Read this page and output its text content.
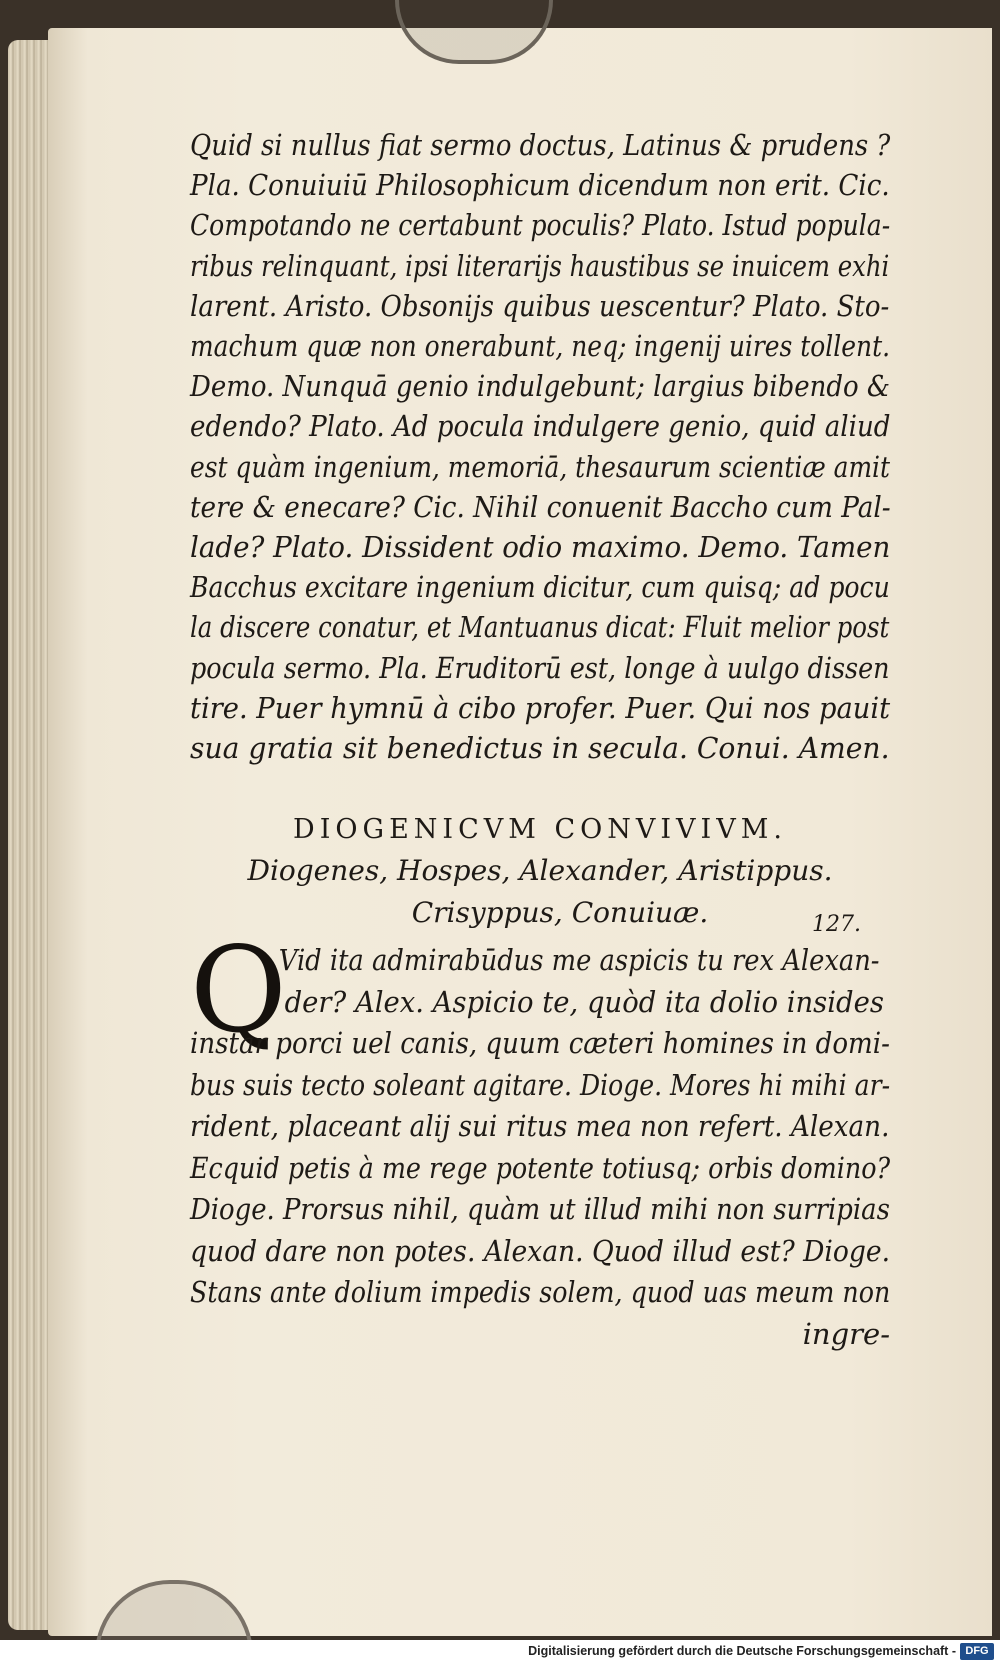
Quid si nullus fiat sermo doctus, Latinus & prudens ?
Pla. Conuiuiū Philosophicum dicendum non erit. Cic.
Compotando ne certabunt poculis? Plato. Istud popula-
ribus relinquant, ipsi literarijs haustibus se inuicem exhi
larent. Aristo. Obsonijs quibus uescentur? Plato. Sto-
machum quæ non onerabunt, neq; ingenij uires tollent.
Demo. Nunquā genio indulgebunt; largius bibendo &
edendo? Plato. Ad pocula indulgere genio, quid aliud
est quàm ingenium, memoriā, thesaurum scientiæ amit
tere & enecare? Cic. Nihil conuenit Baccho cum Pal-
lade? Plato. Dissident odio maximo. Demo. Tamen
Bacchus excitare ingenium dicitur, cum quisq; ad pocu
la discere conatur, et Mantuanus dicat: Fluit melior post
pocula sermo. Pla. Eruditorū est, longe à uulgo dissen
tire. Puer hymnū à cibo profer. Puer. Qui nos pauit
sua gratia sit benedictus in secula. Conui. Amen.
DIOGENICVM CONVIVIVM.
Diogenes, Hospes, Alexander, Aristippus.
Crisyppus, Conuiuæ.	127.
Q
Vid ita admirabūdus me aspicis tu rex Alexan-
der? Alex. Aspicio te, quòd ita dolio insides
instar porci uel canis, quum cæteri homines in domi-
bus suis tecto soleant agitare. Dioge. Mores hi mihi ar-
rident, placeant alij sui ritus mea non refert. Alexan.
Ecquid petis à me rege potente totiusq; orbis domino?
Dioge. Prorsus nihil, quàm ut illud mihi non surripias
quod dare non potes. Alexan. Quod illud est? Dioge.
Stans ante dolium impedis solem, quod uas meum non
ingre-
Digitalisierung gefördert durch die Deutsche Forschungsgemeinschaft - DFG
